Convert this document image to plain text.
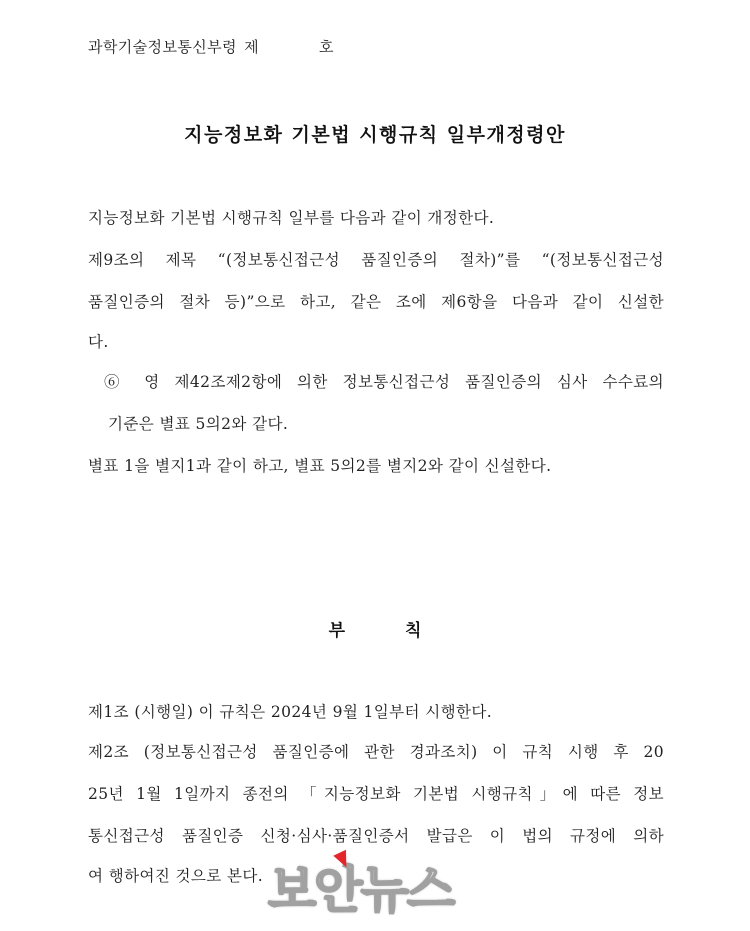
과학기술정보통신부령 제	호
지능정보화 기본법 시행규칙 일부개정령안
지능정보화 기본법 시행규칙 일부를 다음과 같이 개정한다.
제9조의 제목 “(정보통신접근성 품질인증의 절차)”를 “(정보통신접근성
품질인증의 절차 등)”으로 하고, 같은 조에 제6항을 다음과 같이 신설한
다.
⑥ 영 제42조제2항에 의한 정보통신접근성 품질인증의 심사 수수료의
기준은 별표 5의2와 같다.
별표 1을 별지1과 같이 하고, 별표 5의2를 별지2와 같이 신설한다.
부	칙
제1조 (시행일) 이 규칙은 2024년 9월 1일부터 시행한다.
제2조 (정보통신접근성 품질인증에 관한 경과조치) 이 규칙 시행 후 20
25년 1월 1일까지 종전의 「지능정보화 기본법 시행규칙」에 따른 정보
통신접근성 품질인증 신청·심사·품질인증서 발급은 이 법의 규정에 의하
여 행하여진 것으로 본다. 보안뉴스
